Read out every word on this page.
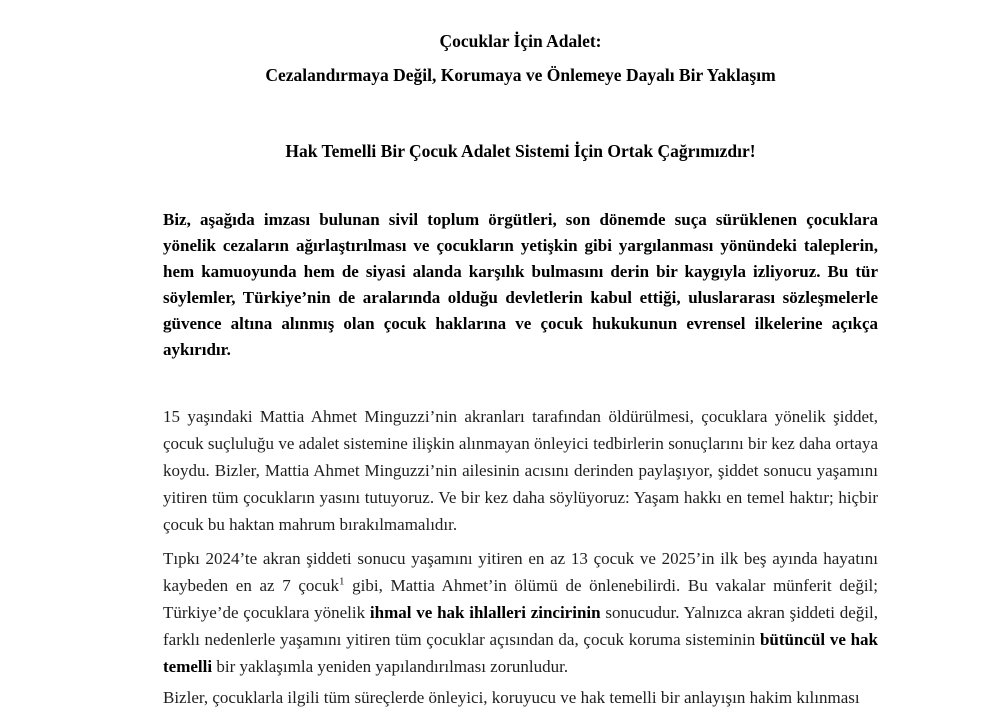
Çocuklar İçin Adalet:

Cezalandırmaya Değil, Korumaya ve Önlemeye Dayalı Bir Yaklaşım

Hak Temelli Bir Çocuk Adalet Sistemi İçin Ortak Çağrımızdır!

Biz, aşağıda imzası bulunan sivil toplum örgütleri, son dönemde suça sürüklenen çocuklara yönelik cezaların ağırlaştırılması ve çocukların yetişkin gibi yargılanması yönündeki taleplerin, hem kamuoyunda hem de siyasi alanda karşılık bulmasını derin bir kaygıyla izliyoruz. Bu tür söylemler, Türkiye’nin de aralarında olduğu devletlerin kabul ettiği, uluslararası sözleşmelerle güvence altına alınmış olan çocuk haklarına ve çocuk hukukunun evrensel ilkelerine açıkça aykırıdır.

15 yaşındaki Mattia Ahmet Minguzzi’nin akranları tarafından öldürülmesi, çocuklara yönelik şiddet, çocuk suçluluğu ve adalet sistemine ilişkin alınmayan önleyici tedbirlerin sonuçlarını bir kez daha ortaya koydu. Bizler, Mattia Ahmet Minguzzi’nin ailesinin acısını derinden paylaşıyor, şiddet sonucu yaşamını yitiren tüm çocukların yasını tutuyoruz. Ve bir kez daha söylüyoruz: Yaşam hakkı en temel haktır; hiçbir çocuk bu haktan mahrum bırakılmamalıdır.

Tıpkı 2024’te akran şiddeti sonucu yaşamını yitiren en az 13 çocuk ve 2025’in ilk beş ayında hayatını kaybeden en az 7 çocuk$^1$ gibi, Mattia Ahmet’in ölümü de önlenebilirdi. Bu vakalar münferit değil; Türkiye’de çocuklara yönelik ihmal ve hak ihlalleri zincirinin sonucudur. Yalnızca akran şiddeti değil, farklı nedenlerle yaşamını yitiren tüm çocuklar açısından da, çocuk koruma sisteminin bütüncül ve hak temelli bir yaklaşımla yeniden yapılandırılması zorunludur.

Bizler, çocuklarla ilgili tüm süreçlerde önleyici, koruyucu ve hak temelli bir anlayışın hakim kılınması
